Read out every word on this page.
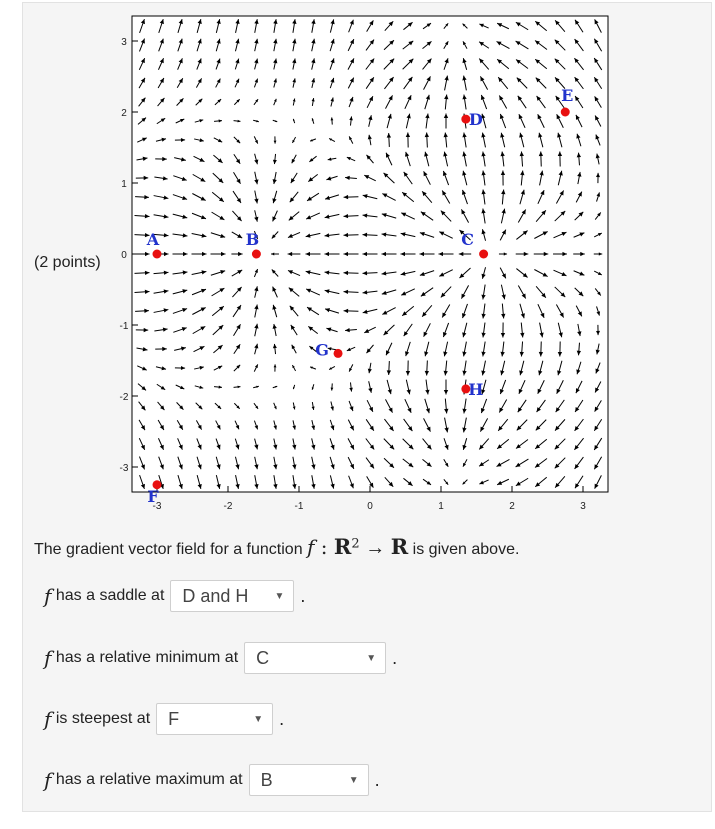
(2 points)
-3	-2	-1	0	1	2	3
3
2
1
0
-1
-2
-3
A	B	C
D
E
F
G
H
The gradient vector field for a function f : $R^2 \to R$ is given above.
f
has a saddle at D and H	▼ .
f
has a relative minimum at C	▼ .
f
is steepest at F	▼ .
f
has a relative maximum at B	▼ .
